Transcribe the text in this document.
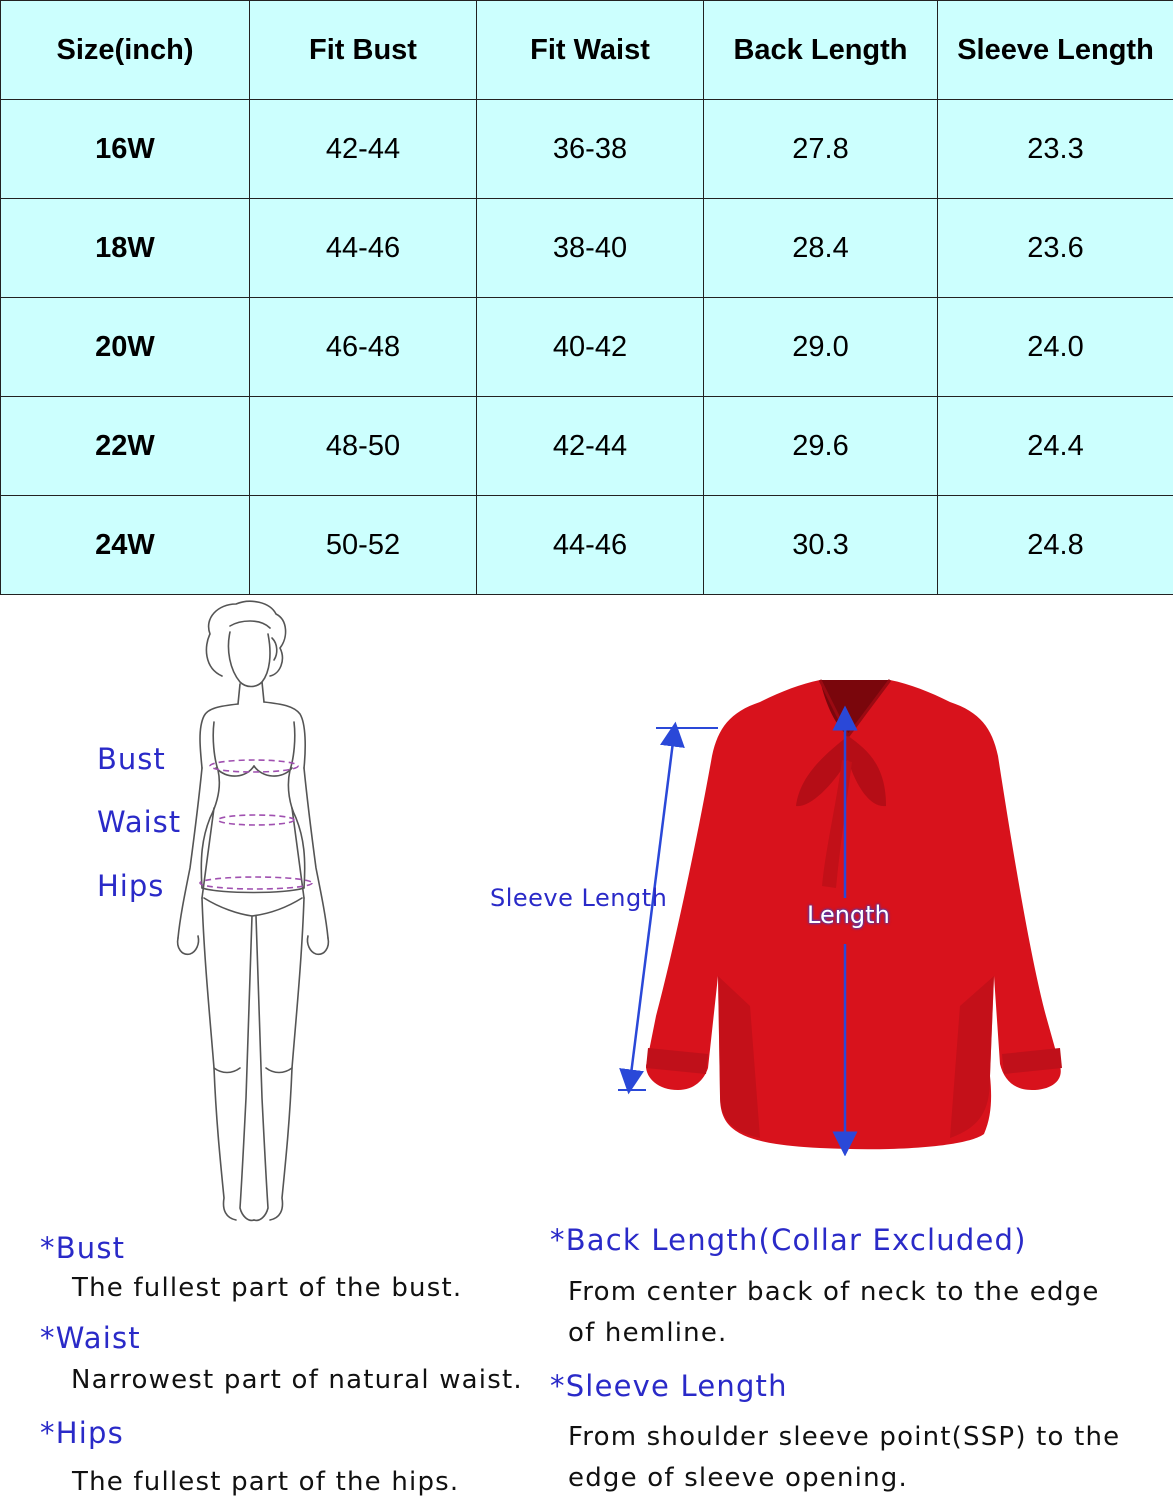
Size(inch)	Fit Bust	Fit Waist	Back Length	Sleeve Length
16W	42-44	36-38	27.8	23.3
18W	44-46	38-40	28.4	23.6
20W	46-48	40-42	29.0	24.0
22W	48-50	42-44	29.6	24.4
24W	50-52	44-46	30.3	24.8
Bust
Waist
Hips	Sleeve Length
Length
*Bust
The fullest part of the bust.
*Waist
Narrowest part of natural waist.
*Hips
The fullest part of the hips.
*Back Length(Collar Excluded)
From center back of neck to the edge
of hemline.
*Sleeve Length
From shoulder sleeve point(SSP) to the
edge of sleeve opening.
